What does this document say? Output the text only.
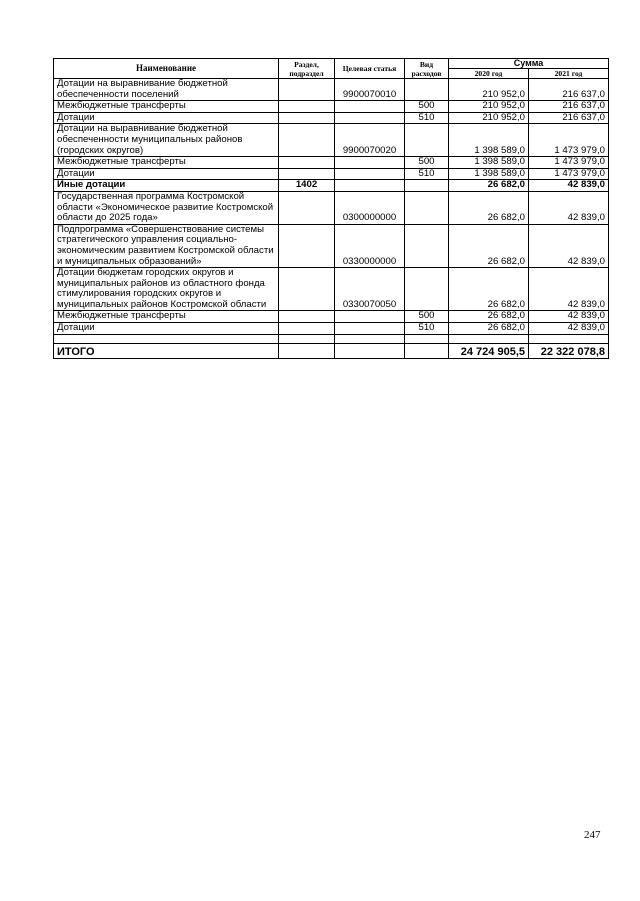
Наименование	Раздел, подраздел	Целевая статья	Вид расходов	Сумма	
				2020 год	2021 год
Дотации на выравнивание бюджетной обеспеченности поселений		9900070010		210 952,0	216 637,0
Межбюджетные трансферты			500	210 952,0	216 637,0
Дотации			510	210 952,0	216 637,0
Дотации на выравнивание бюджетной обеспеченности муниципальных районов (городских округов)		9900070020		1 398 589,0	1 473 979,0
Межбюджетные трансферты			500	1 398 589,0	1 473 979,0
Дотации			510	1 398 589,0	1 473 979,0
Иные дотации	1402			26 682,0	42 839,0
Государственная программа Костромской области «Экономическое развитие Костромской области до 2025 года»		0300000000		26 682,0	42 839,0
Подпрограмма «Совершенствование системы стратегического управления социально-экономическим развитием Костромской области и муниципальных образований»		0330000000		26 682,0	42 839,0
Дотации бюджетам городских округов и муниципальных районов из областного фонда стимулирования городских округов и муниципальных районов Костромской области		0330070050		26 682,0	42 839,0
Межбюджетные трансферты			500	26 682,0	42 839,0
Дотации			510	26 682,0	42 839,0

ИТОГО				24 724 905,5	22 322 078,8
247
